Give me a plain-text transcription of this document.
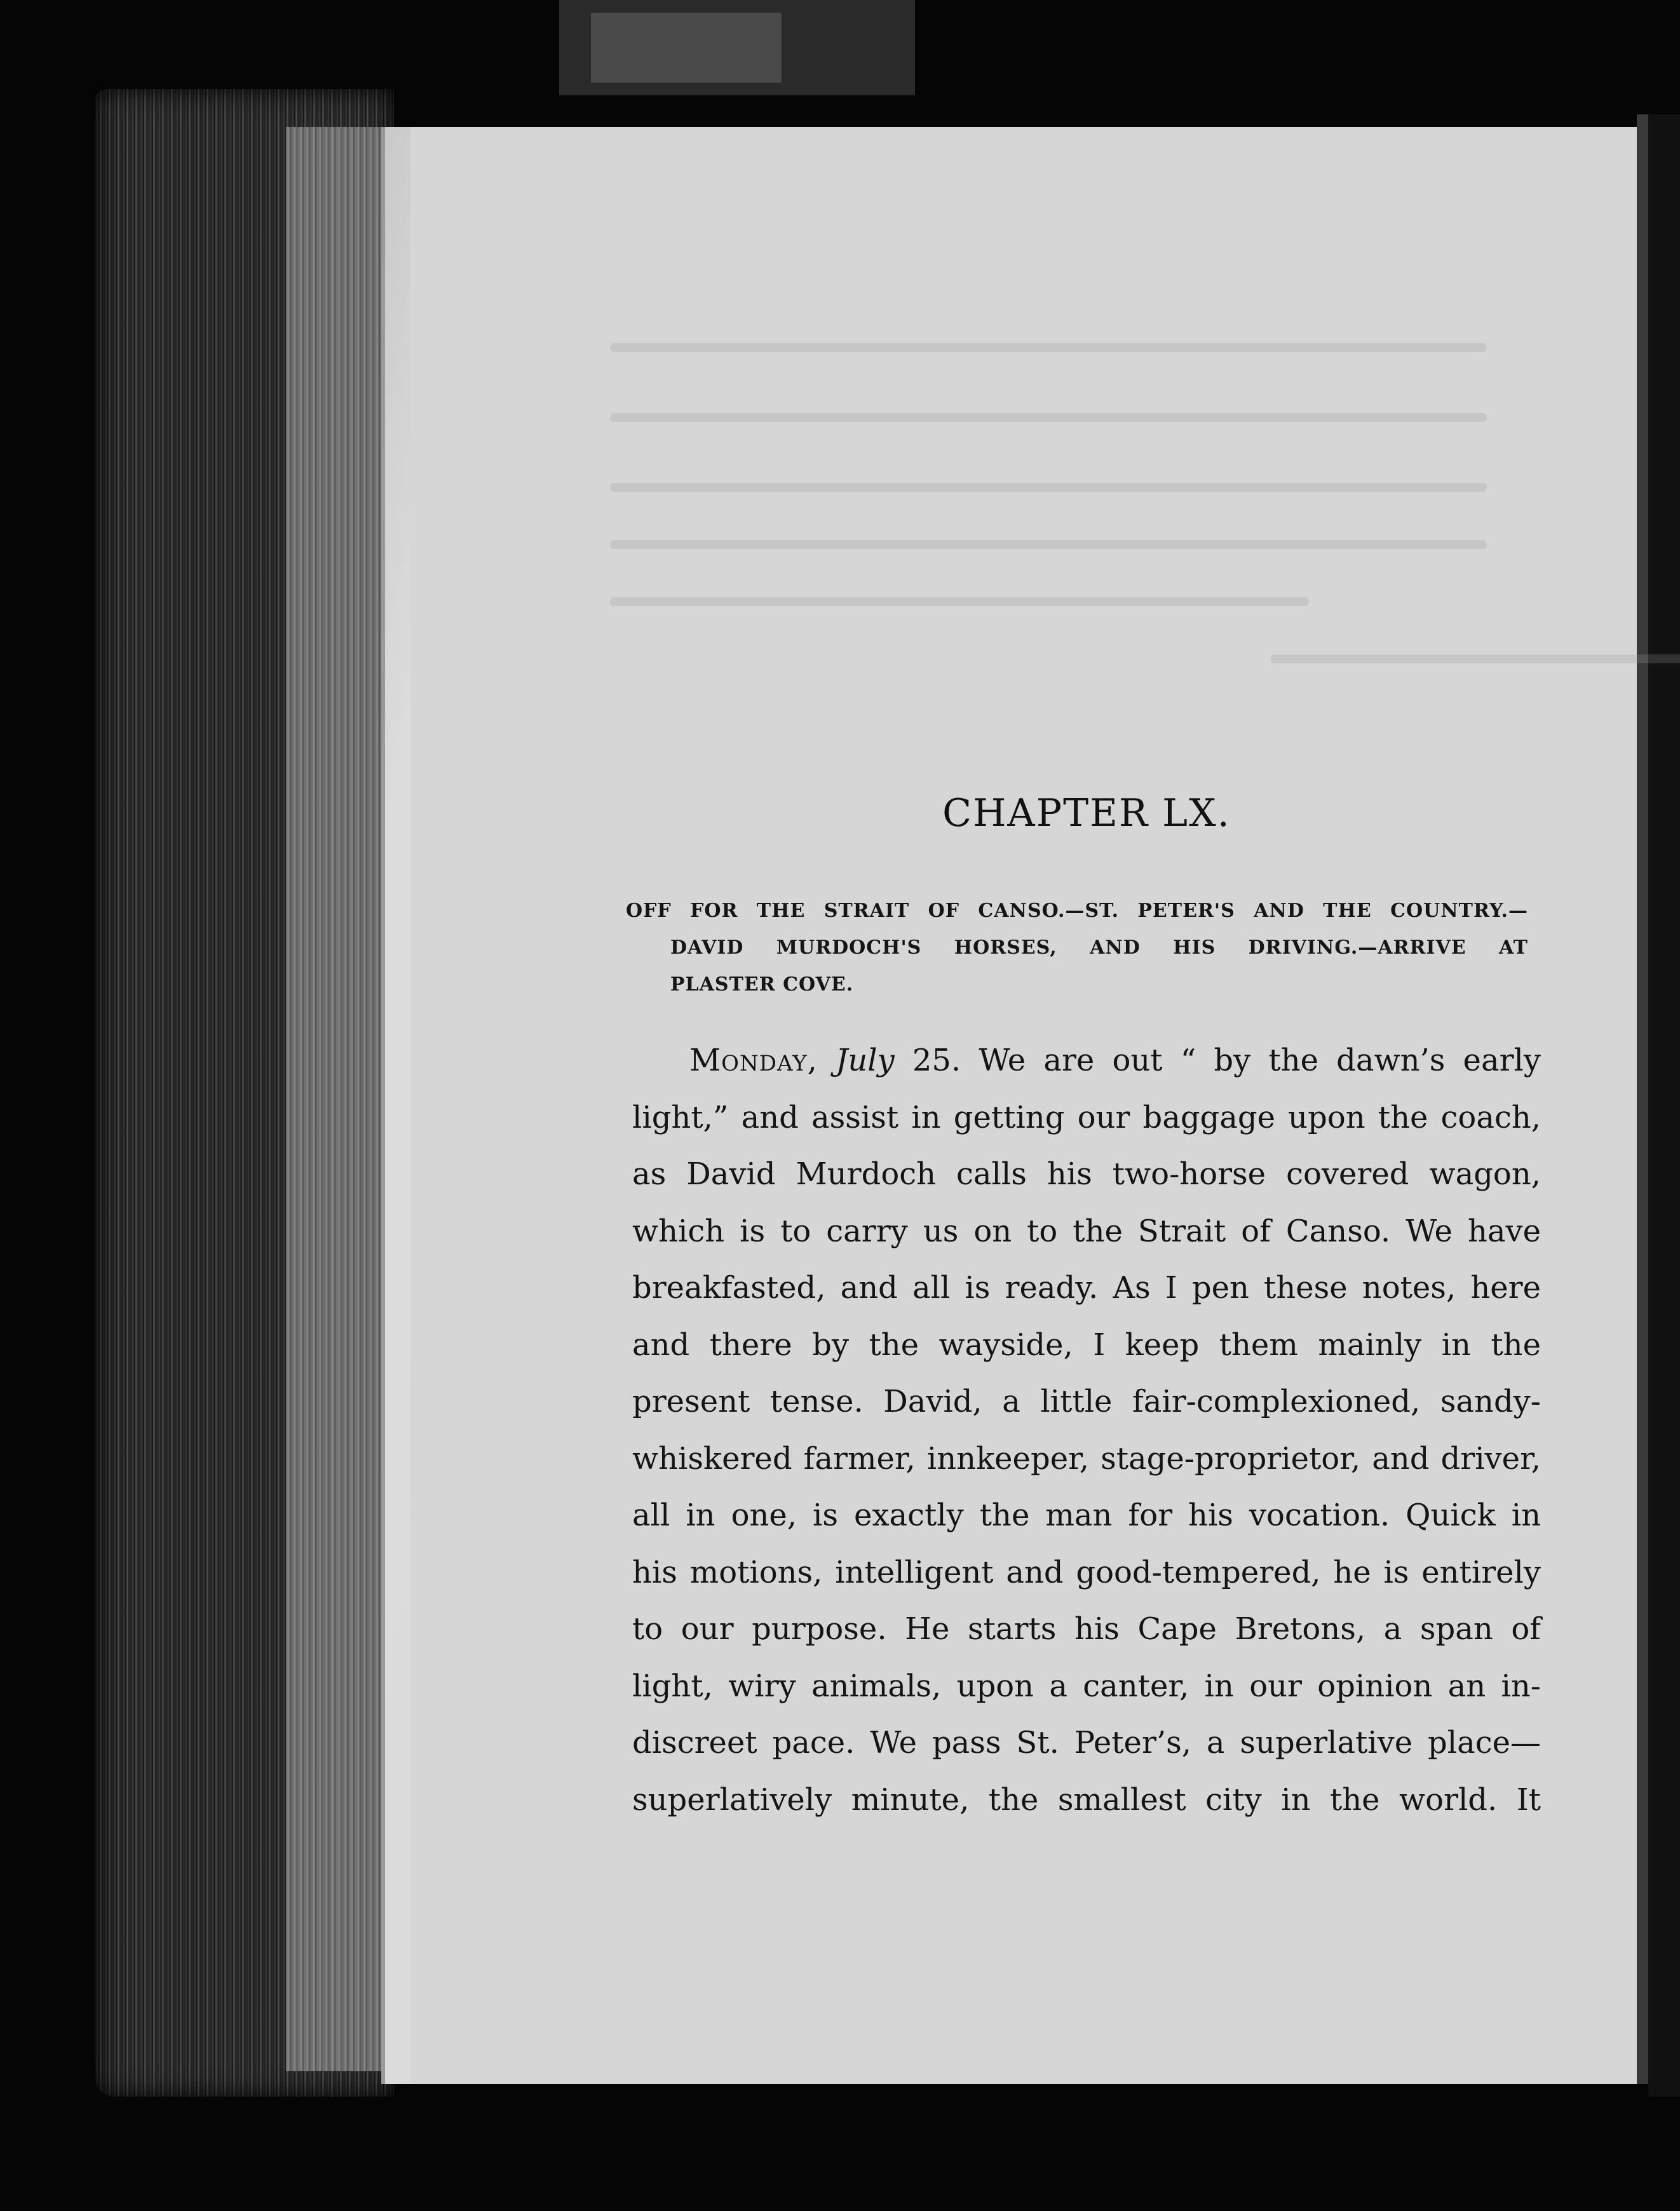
CHAPTER LX.
OFF FOR THE STRAIT OF CANSO.—ST. PETER'S AND THE COUNTRY.—
DAVID MURDOCH'S HORSES, AND HIS DRIVING.—ARRIVE AT
PLASTER COVE.
Monday, July 25. We are out “ by the dawn’s early
light,” and assist in getting our baggage upon the coach,
as David Murdoch calls his two-horse covered wagon,
which is to carry us on to the Strait of Canso. We have
breakfasted, and all is ready. As I pen these notes, here
and there by the wayside, I keep them mainly in the
present tense. David, a little fair-complexioned, sandy-
whiskered farmer, innkeeper, stage-proprietor, and driver,
all in one, is exactly the man for his vocation. Quick in
his motions, intelligent and good-tempered, he is entirely
to our purpose. He starts his Cape Bretons, a span of
light, wiry animals, upon a canter, in our opinion an in-
discreet pace. We pass St. Peter’s, a superlative place—
superlatively minute, the smallest city in the world. It
